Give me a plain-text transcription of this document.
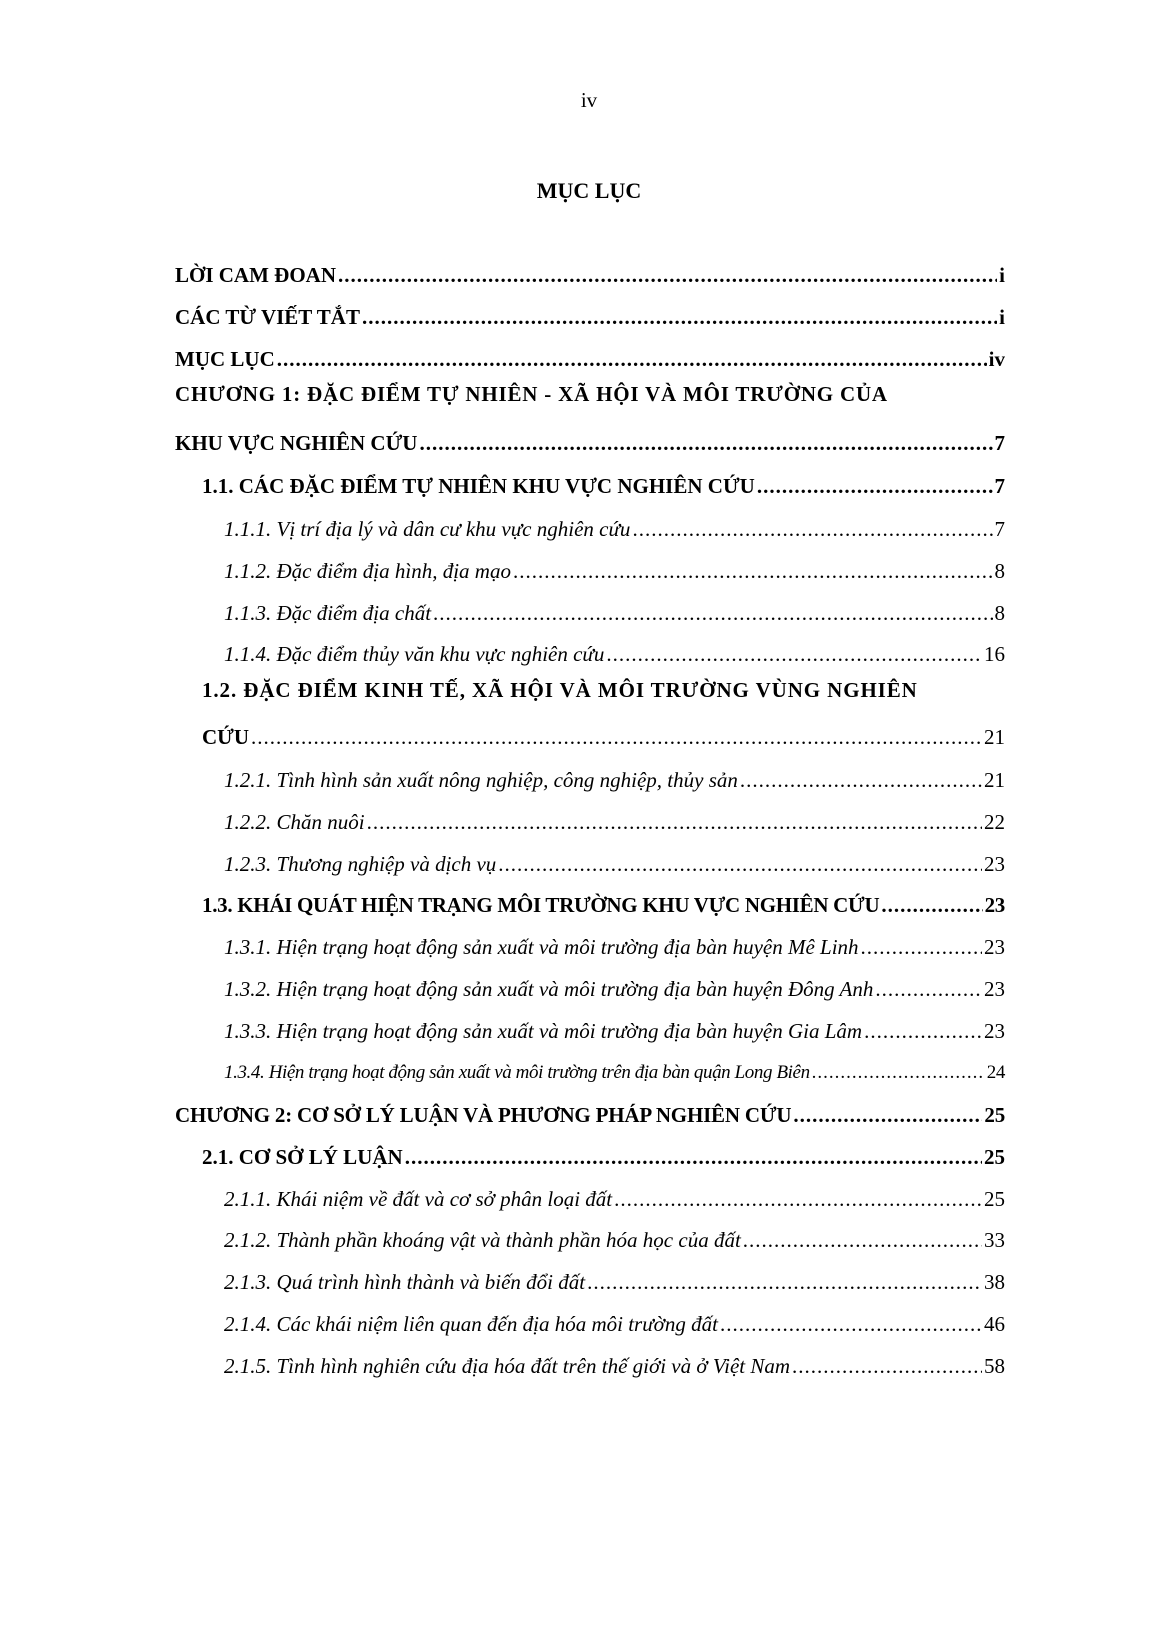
iv
MỤC LỤC
LỜI CAM ĐOAN .....	i
CÁC TỪ VIẾT TẮT .....	i
MỤC LỤC .....	iv
CHƯƠNG 1: ĐẶC ĐIỂM TỰ NHIÊN - XÃ HỘI VÀ MÔI TRƯỜNG CỦA
KHU VỰC NGHIÊN CỨU .....	7
1.1. CÁC ĐẶC ĐIỂM TỰ NHIÊN KHU VỰC NGHIÊN CỨU .....	7
1.1.1. Vị trí địa lý và dân cư khu vực nghiên cứu .....	7
1.1.2. Đặc điểm địa hình, địa mạo .....	8
1.1.3. Đặc điểm địa chất .....	8
1.1.4. Đặc điểm thủy văn khu vực nghiên cứu .....	16
1.2. ĐẶC ĐIỂM KINH TẾ, XÃ HỘI VÀ MÔI TRƯỜNG VÙNG NGHIÊN
CỨU .....	21
1.2.1. Tình hình sản xuất nông nghiệp, công nghiệp, thủy sản .....	21
1.2.2. Chăn nuôi .....	22
1.2.3. Thương nghiệp và dịch vụ .....	23
1.3. KHÁI QUÁT HIỆN TRẠNG MÔI TRƯỜNG KHU VỰC NGHIÊN CỨU .....	23
1.3.1. Hiện trạng hoạt động sản xuất và môi trường địa bàn huyện Mê Linh .....	23
1.3.2. Hiện trạng hoạt động sản xuất và môi trường địa bàn huyện Đông Anh .....	23
1.3.3. Hiện trạng hoạt động sản xuất và môi trường địa bàn huyện Gia Lâm .....	23
1.3.4. Hiện trạng hoạt động sản xuất và môi trường trên địa bàn quận Long Biên .....	24
CHƯƠNG 2: CƠ SỞ LÝ LUẬN VÀ PHƯƠNG PHÁP NGHIÊN CỨU .....	25
2.1. CƠ SỞ LÝ LUẬN .....	25
2.1.1. Khái niệm về đất và cơ sở phân loại đất .....	25
2.1.2. Thành phần khoáng vật và thành phần hóa học của đất .....	33
2.1.3. Quá trình hình thành và biến đổi đất .....	38
2.1.4. Các khái niệm liên quan đến địa hóa môi trường đất .....	46
2.1.5. Tình hình nghiên cứu địa hóa đất trên thế giới và ở Việt Nam .....	58
